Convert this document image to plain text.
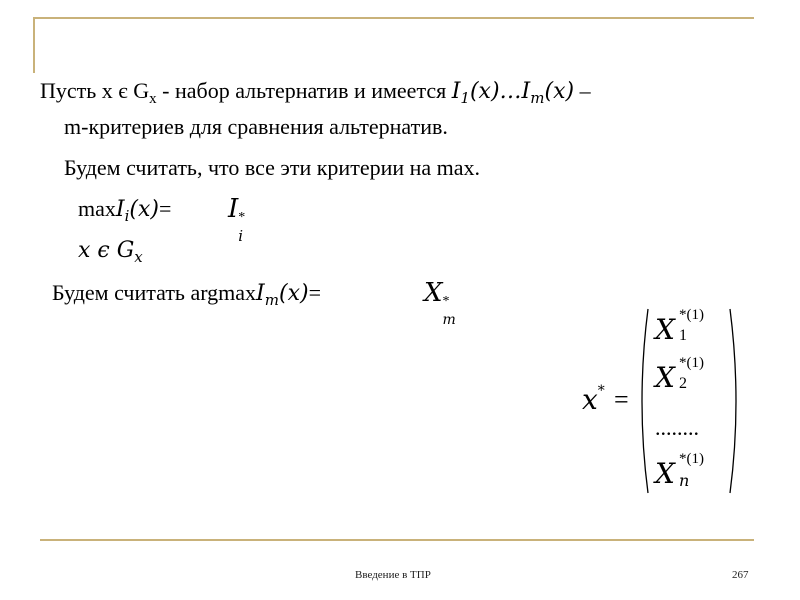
Пусть x є $G_x$ - набор альтернатив и имеется $I_1(x)\dots I_m(x)$ –
m-критериев для сравнения альтернатив.
Будем считать, что все эти критерии на max.
maxI$_i$(x)= I *
i
x є $G_x$
Будем считать argmaxI$_m$(x)=	X *
m
x* =
X *(1)
1
X *(1)
2
........
X *(1)
n
Введение в ТПР	267
